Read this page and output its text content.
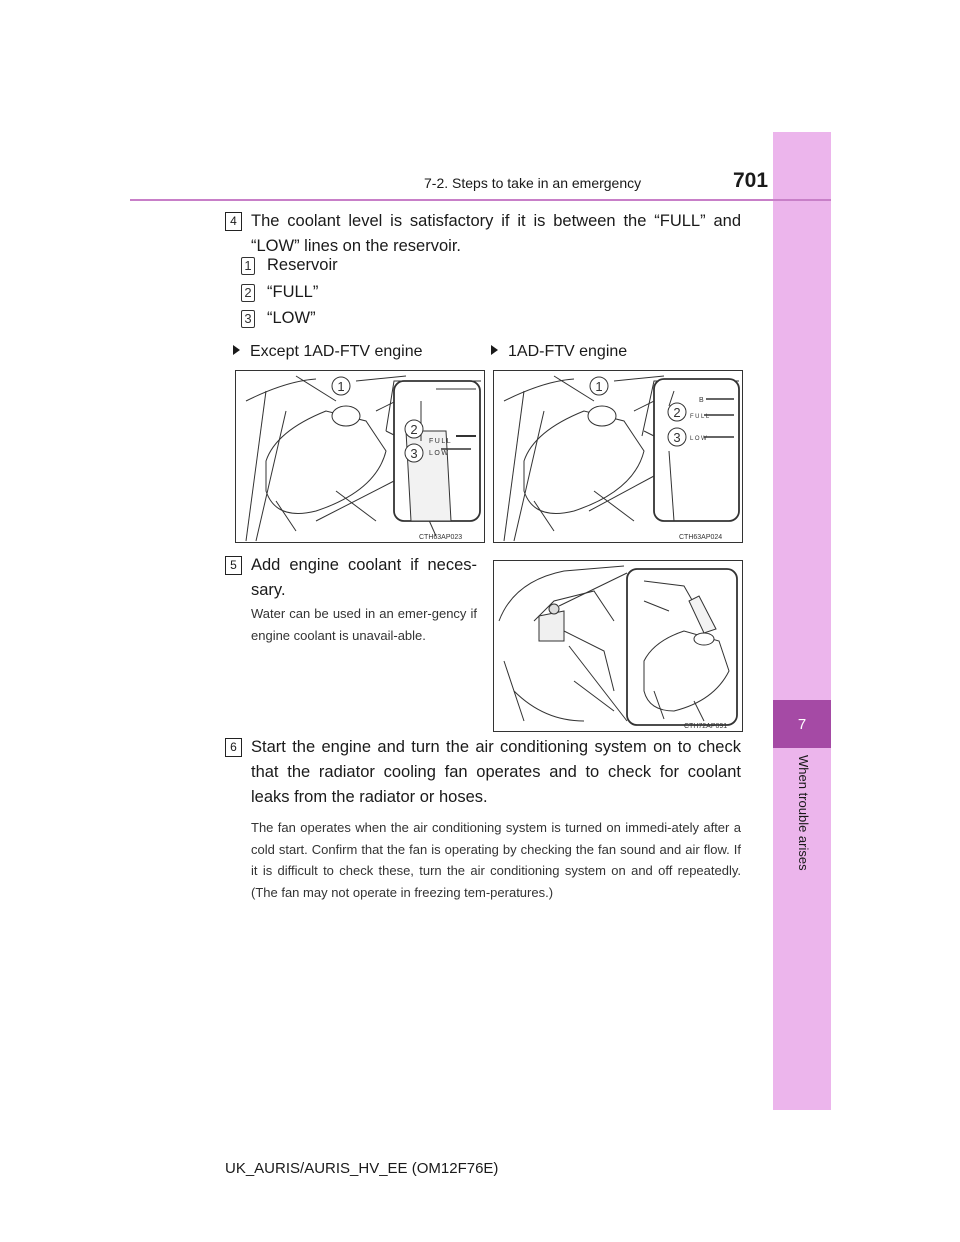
7
When trouble arises
7-2. Steps to take in an emergency	701
4 The coolant level is satisfactory if it is between the “FULL” and “LOW” lines on the reservoir.
1 Reservoir
2 “FULL”
3 “LOW”
Except 1AD-FTV engine	1AD-FTV engine
1
2
3
FULL
LOW
CTH63AP023
1
2
3
B
FULL
LOW
CTH63AP024
5 Add engine coolant if neces-sary.
Water can be used in an emer-gency if engine coolant is unavail-able.
CTH72AP091
6 Start the engine and turn the air conditioning system on to check that the radiator cooling fan operates and to check for coolant leaks from the radiator or hoses.
The fan operates when the air conditioning system is turned on immedi-ately after a cold start. Confirm that the fan is operating by checking the fan sound and air flow. If it is difficult to check these, turn the air conditioning system on and off repeatedly. (The fan may not operate in freezing tem-peratures.)
UK_AURIS/AURIS_HV_EE (OM12F76E)
